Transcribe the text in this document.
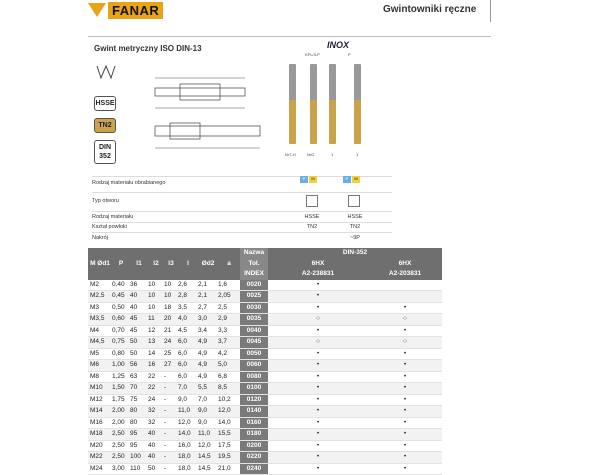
FANAR	Gwintowniki ręczne
Gwint metryczny ISO DIN-13	INOX
KPL/3-P	P
HSSE
TN2
DIN 352	NrT-H	NrG	1	1
Rodzaj materiału obrabianego
P	M	P	M
Typ otworu
Rodzaj materiału	HSSE	HSSE
Kształ powłoki	TN2	TN2
Nakrój	~9P
M Ød1	P	l1	l2	l3	l	Ød2	a	Nazwa	DIN-352	
								Tol.	6HX	6HX
								INDEX	A2-238831	A2-203831
M2	0,40	36	10	10	2,6	2,1	1,6	0020	•	
M2,5	0,45	40	10	10	2,8	2,1	2,05	0025	•	
M3	0,50	40	10	18	3,5	2,7	2,5	0030	•	•
M3,5	0,60	45	11	20	4,0	3,0	2,9	0035	○	○
M4	0,70	45	12	21	4,5	3,4	3,3	0040	•	•
M4,5	0,75	50	13	24	6,0	4,9	3,7	0045	○	○
M5	0,80	50	14	25	6,0	4,9	4,2	0050	•	•
M6	1,00	56	16	27	6,0	4,9	5,0	0060	•	•
M8	1,25	63	22	-	6,0	4,9	6,8	0080	•	•
M10	1,50	70	22	-	7,0	5,5	8,5	0100	•	•
M12	1,75	75	24	-	9,0	7,0	10,2	0120	•	•
M14	2,00	80	32	-	11,0	9,0	12,0	0140	•	•
M16	2,00	80	32	-	12,0	9,0	14,0	0160	•	•
M18	2,50	95	40	-	14,0	11,0	15,5	0180	•	•
M20	2,50	95	40	-	16,0	12,0	17,5	0200	•	•
M22	2,50	100	40	-	18,0	14,5	19,5	0220	•	•
M24	3,00	110	50	-	18,0	14,5	21,0	0240	•	•
